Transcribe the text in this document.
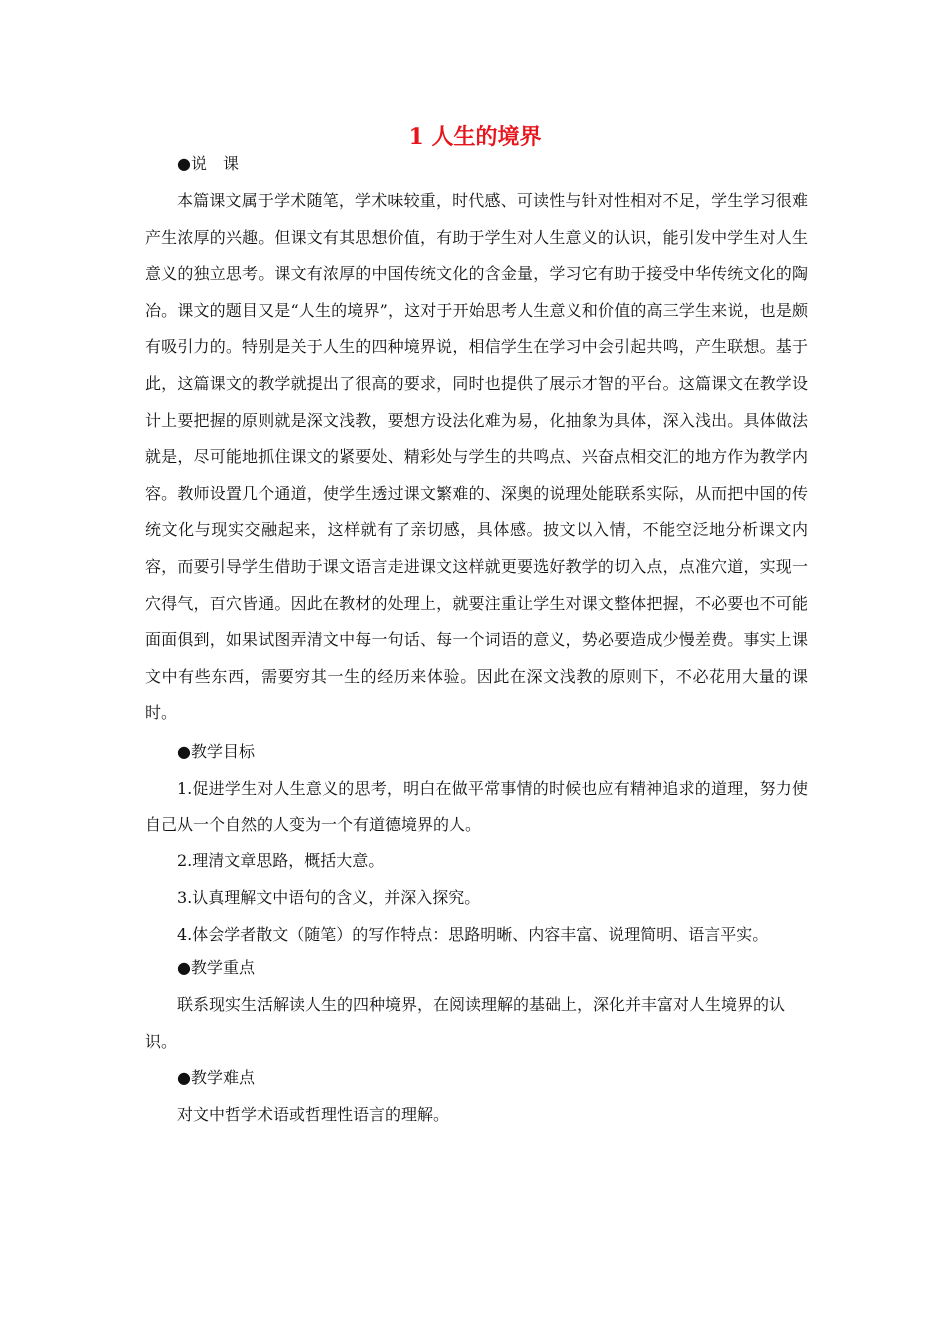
1 人生的境界

●说　课

本篇课文属于学术随笔，学术味较重，时代感、可读性与针对性相对不足，学生学习很难产生浓厚的兴趣。但课文有其思想价值，有助于学生对人生意义的认识，能引发中学生对人生意义的独立思考。课文有浓厚的中国传统文化的含金量，学习它有助于接受中华传统文化的陶冶。课文的题目又是“人生的境界”，这对于开始思考人生意义和价值的高三学生来说，也是颇有吸引力的。特别是关于人生的四种境界说，相信学生在学习中会引起共鸣，产生联想。基于此，这篇课文的教学就提出了很高的要求，同时也提供了展示才智的平台。这篇课文在教学设计上要把握的原则就是深文浅教，要想方设法化难为易，化抽象为具体，深入浅出。具体做法就是，尽可能地抓住课文的紧要处、精彩处与学生的共鸣点、兴奋点相交汇的地方作为教学内容。教师设置几个通道，使学生透过课文繁难的、深奥的说理处能联系实际，从而把中国的传统文化与现实交融起来，这样就有了亲切感，具体感。披文以入情，不能空泛地分析课文内容，而要引导学生借助于课文语言走进课文这样就更要选好教学的切入点，点准穴道，实现一穴得气，百穴皆通。因此在教材的处理上，就要注重让学生对课文整体把握，不必要也不可能面面俱到，如果试图弄清文中每一句话、每一个词语的意义，势必要造成少慢差费。事实上课文中有些东西，需要穷其一生的经历来体验。因此在深文浅教的原则下，不必花用大量的课时。

●教学目标

1.促进学生对人生意义的思考，明白在做平常事情的时候也应有精神追求的道理，努力使自己从一个自然的人变为一个有道德境界的人。

2.理清文章思路，概括大意。

3.认真理解文中语句的含义，并深入探究。

4.体会学者散文（随笔）的写作特点：思路明晰、内容丰富、说理简明、语言平实。

●教学重点

联系现实生活解读人生的四种境界，在阅读理解的基础上，深化并丰富对人生境界的认识。

●教学难点

对文中哲学术语或哲理性语言的理解。
